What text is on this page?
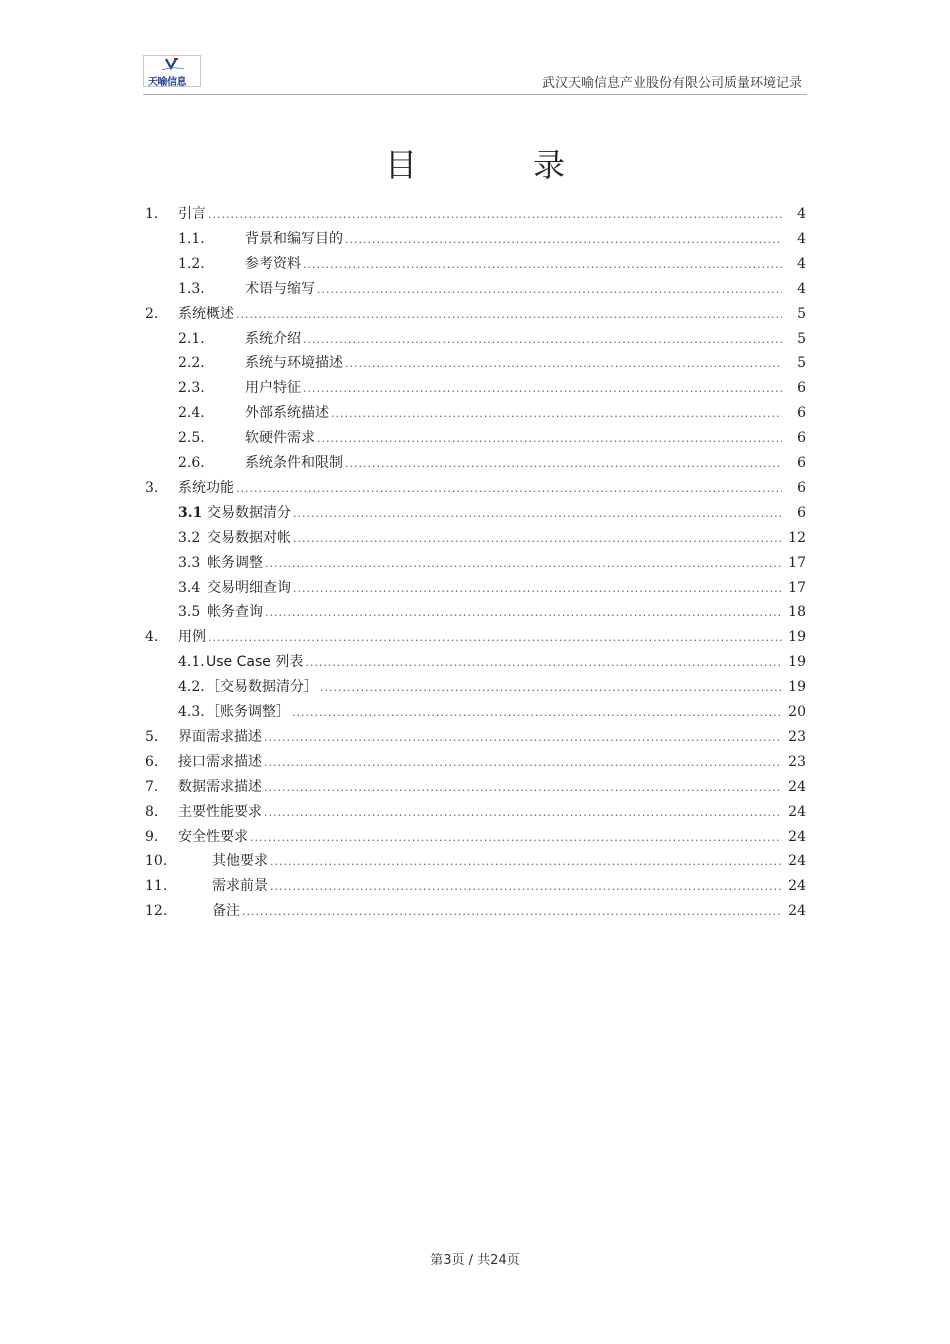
天喻信息	武汉天喻信息产业股份有限公司质量环境记录
目　录
1.	引言 .....	4
1.1.	背景和编写目的 .....	4
1.2.	参考资料 .....	4
1.3.	术语与缩写 .....	4
2.	系统概述 .....	5
2.1.	系统介绍 .....	5
2.2.	系统与环境描述 .....	5
2.3.	用户特征 .....	6
2.4.	外部系统描述 .....	6
2.5.	软硬件需求 .....	6
2.6.	系统条件和限制 .....	6
3.	系统功能 .....	6
3.1 交易数据清分 .....	6
3.2 交易数据对帐 .....	12
3.3 帐务调整 .....	17
3.4 交易明细查询 .....	17
3.5 帐务查询 .....	18
4.	用例 .....	19
4.1. Use Case 列表 .....	19
4.2. ［交易数据清分］ .....	19
4.3. ［账务调整］ .....	20
5.	界面需求描述 .....	23
6.	接口需求描述 .....	23
7.	数据需求描述 .....	24
8.	主要性能要求 .....	24
9.	安全性要求 .....	24
10.	其他要求 .....	24
11.	需求前景 .....	24
12.	备注 .....	24
第3页 / 共24页
